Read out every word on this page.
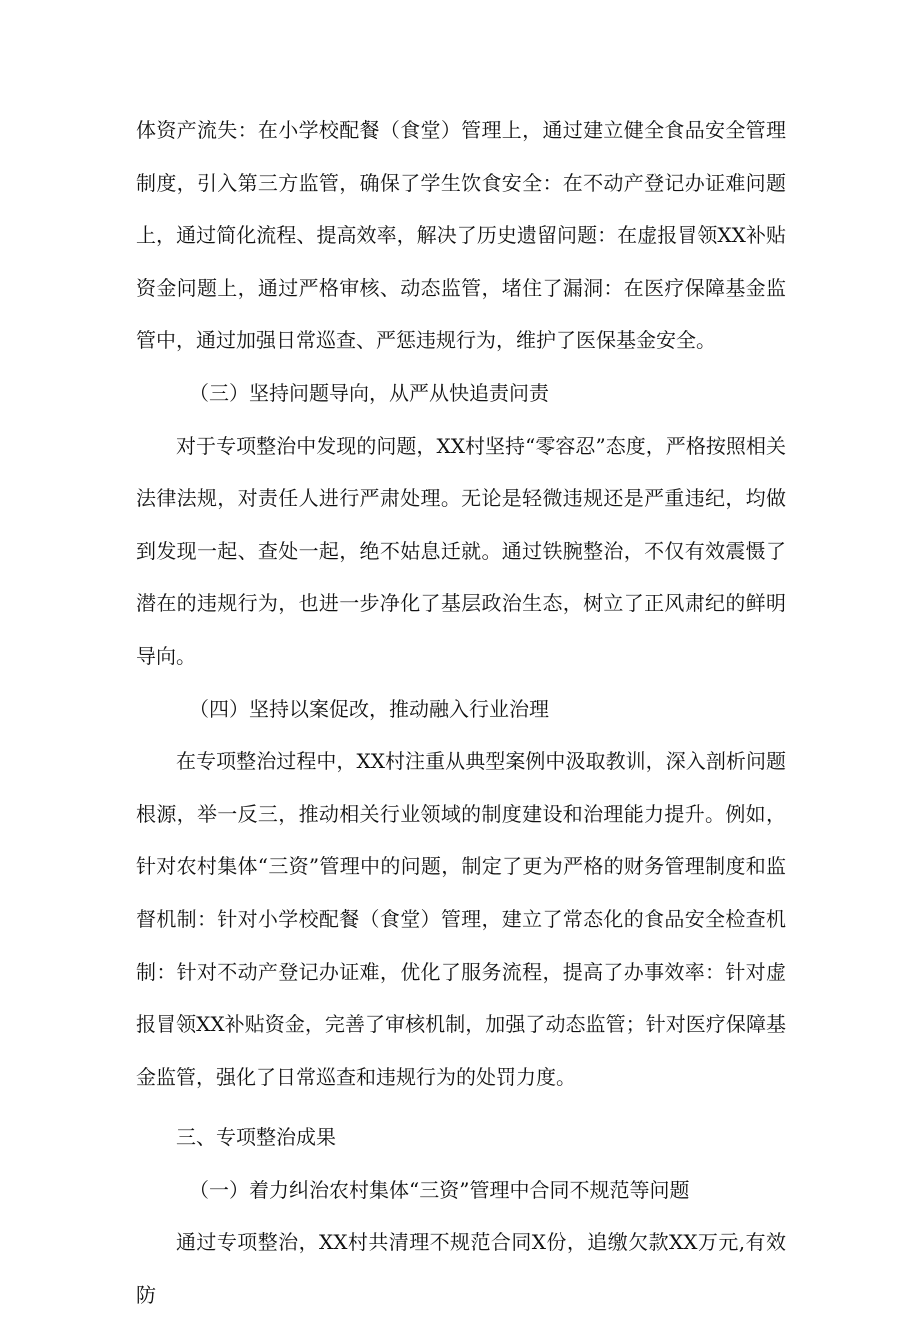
体资产流失：在小学校配餐（食堂）管理上，通过建立健全食品安全管理制度，引入第三方监管，确保了学生饮食安全：在不动产登记办证难问题上，通过简化流程、提高效率，解决了历史遗留问题：在虚报冒领XX补贴资金问题上，通过严格审核、动态监管，堵住了漏洞：在医疗保障基金监管中，通过加强日常巡查、严惩违规行为，维护了医保基金安全。

（三）坚持问题导向，从严从快追责问责

对于专项整治中发现的问题，XX村坚持“零容忍”态度，严格按照相关法律法规，对责任人进行严肃处理。无论是轻微违规还是严重违纪，均做到发现一起、查处一起，绝不姑息迁就。通过铁腕整治，不仅有效震慑了潜在的违规行为，也进一步净化了基层政治生态，树立了正风肃纪的鲜明导向。

（四）坚持以案促改，推动融入行业治理

在专项整治过程中，XX村注重从典型案例中汲取教训，深入剖析问题根源，举一反三，推动相关行业领域的制度建设和治理能力提升。例如，针对农村集体“三资”管理中的问题，制定了更为严格的财务管理制度和监督机制：针对小学校配餐（食堂）管理，建立了常态化的食品安全检查机制：针对不动产登记办证难，优化了服务流程，提高了办事效率：针对虚报冒领XX补贴资金，完善了审核机制，加强了动态监管；针对医疗保障基金监管，强化了日常巡查和违规行为的处罚力度。

三、专项整治成果

（一）着力纠治农村集体“三资”管理中合同不规范等问题

通过专项整治，XX村共清理不规范合同X份，追缴欠款XX万元,有效防
